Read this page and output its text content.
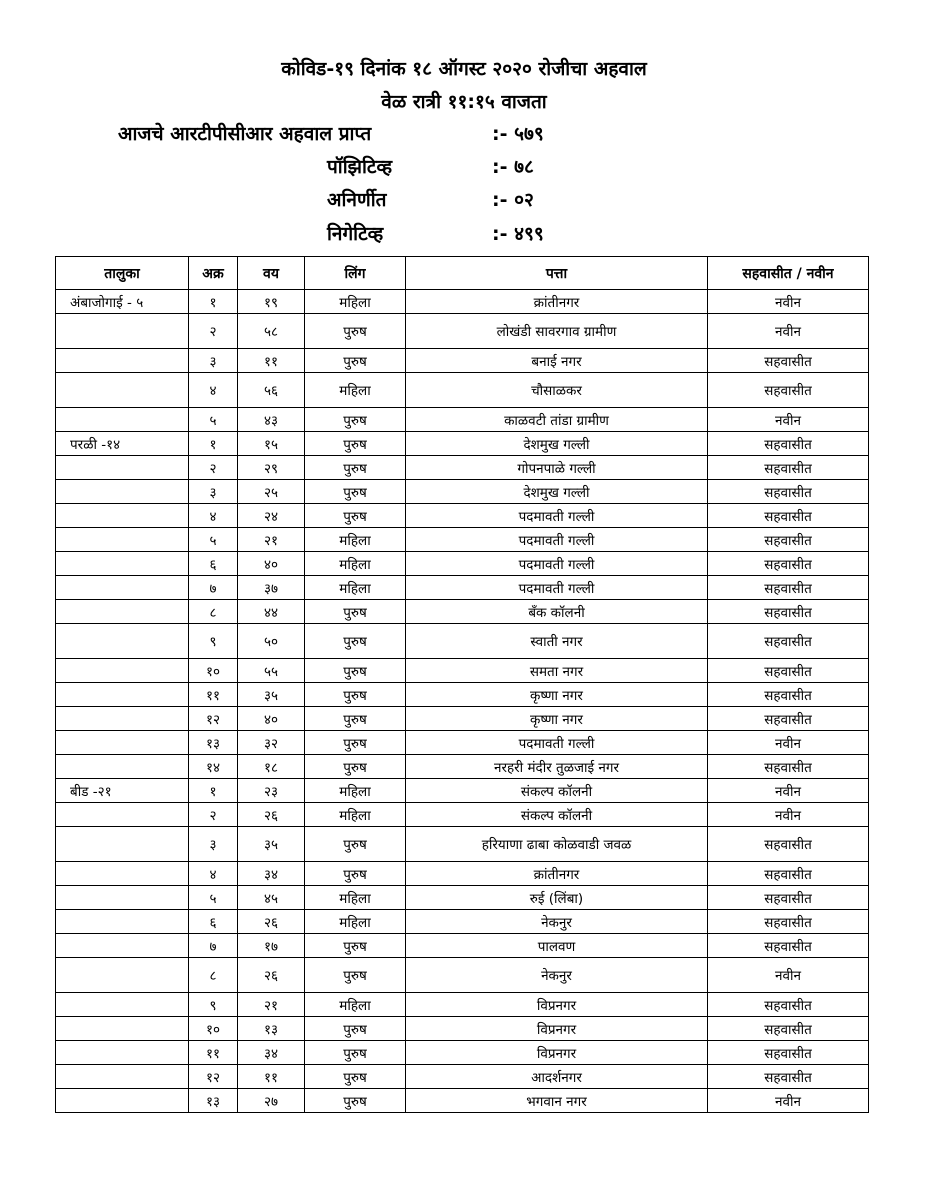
कोविड-१९ दिनांक १८ ऑगस्ट २०२० रोजीचा अहवाल
वेळ रात्री ११:१५ वाजता
आजचे आरटीपीसीआर अहवाल प्राप्त	:- ५७९
पॉझिटिव्ह	:- ७८
अनिर्णीत	:- ०२
निगेटिव्ह	:- ४९९
तालुका	अक्र	वय	लिंग	पत्ता	सहवासीत / नवीन
अंबाजोगाई - ५	१	१९	महिला	क्रांतीनगर	नवीन
	२	५८	पुरुष	लोखंडी सावरगाव ग्रामीण	नवीन
	३	११	पुरुष	बनाई नगर	सहवासीत
	४	५६	महिला	चौसाळकर	सहवासीत
	५	४३	पुरुष	काळवटी तांडा ग्रामीण	नवीन
परळी -१४	१	१५	पुरुष	देशमुख गल्ली	सहवासीत
	२	२९	पुरुष	गोपनपाळे गल्ली	सहवासीत
	३	२५	पुरुष	देशमुख गल्ली	सहवासीत
	४	२४	पुरुष	पदमावती गल्ली	सहवासीत
	५	२१	महिला	पदमावती गल्ली	सहवासीत
	६	४०	महिला	पदमावती गल्ली	सहवासीत
	७	३७	महिला	पदमावती गल्ली	सहवासीत
	८	४४	पुरुष	बँक कॉलनी	सहवासीत
	९	५०	पुरुष	स्वाती नगर	सहवासीत
	१०	५५	पुरुष	समता नगर	सहवासीत
	११	३५	पुरुष	कृष्णा नगर	सहवासीत
	१२	४०	पुरुष	कृष्णा नगर	सहवासीत
	१३	३२	पुरुष	पदमावती गल्ली	नवीन
	१४	१८	पुरुष	नरहरी मंदीर तुळजाई नगर	सहवासीत
बीड -२१	१	२३	महिला	संकल्प कॉलनी	नवीन
	२	२६	महिला	संकल्प कॉलनी	नवीन
	३	३५	पुरुष	हरियाणा ढाबा कोळवाडी जवळ	सहवासीत
	४	३४	पुरुष	क्रांतीनगर	सहवासीत
	५	४५	महिला	रुई (लिंबा)	सहवासीत
	६	२६	महिला	नेकनुर	सहवासीत
	७	१७	पुरुष	पालवण	सहवासीत
	८	२६	पुरुष	नेकनुर	नवीन
	९	२१	महिला	विप्रनगर	सहवासीत
	१०	१३	पुरुष	विप्रनगर	सहवासीत
	११	३४	पुरुष	विप्रनगर	सहवासीत
	१२	११	पुरुष	आदर्शनगर	सहवासीत
	१३	२७	पुरुष	भगवान नगर	नवीन
